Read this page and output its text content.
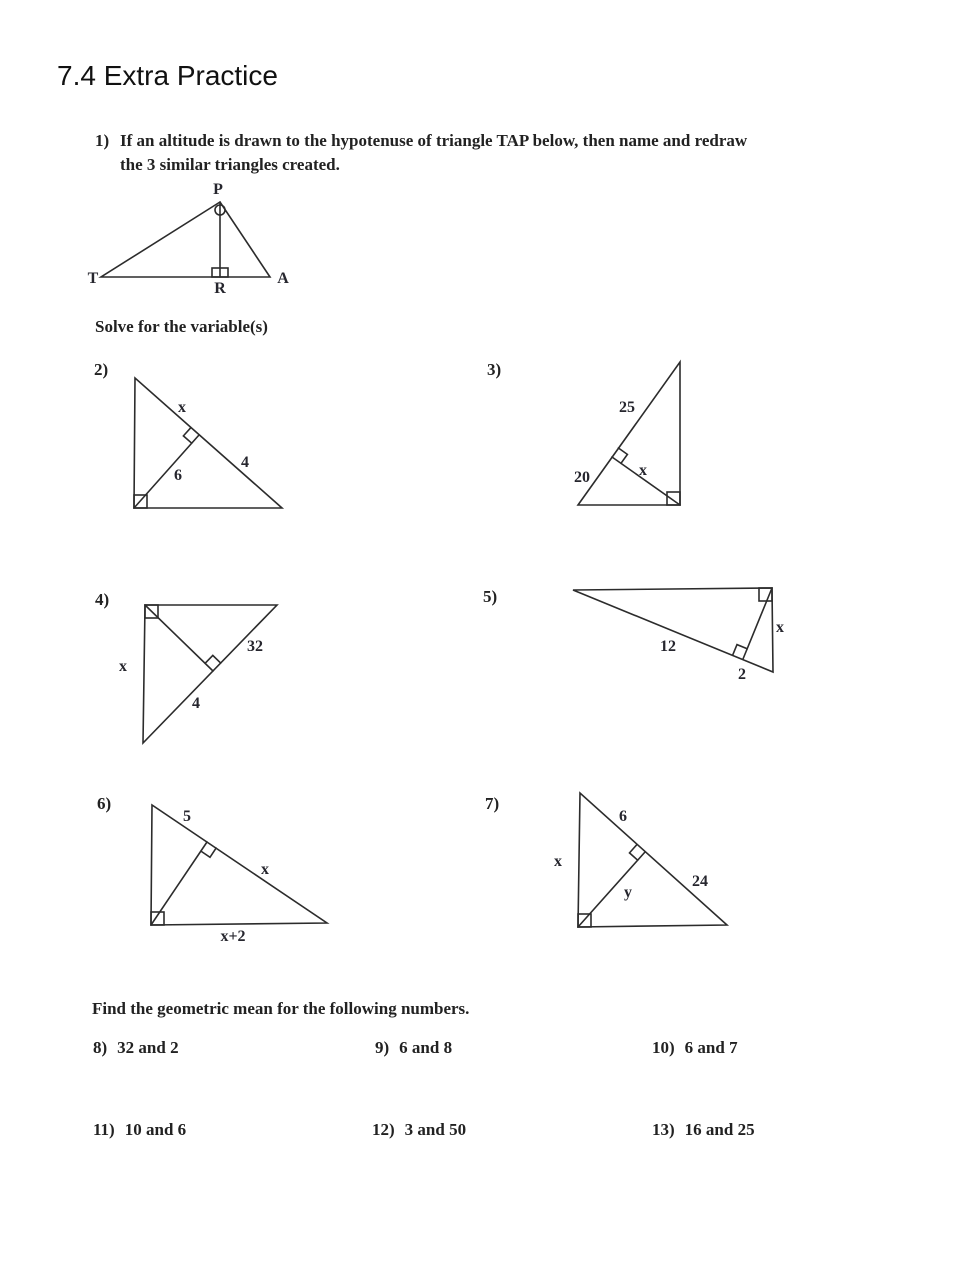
7.4 Extra Practice
1) If an altitude is drawn to the hypotenuse of triangle TAP below, then name and redraw
the 3 similar triangles created.
P
T	A
R
Solve for the variable(s)
2)
x
4
6
3)
25
20	x
4)
x
32
4
5)
12
x
2
6)
5
x
x+2
7)
x
6
24
y
Find the geometric mean for the following numbers.
8) 32 and 2	9) 6 and 8	10) 6 and 7
11) 10 and 6	12) 3 and 50	13) 16 and 25
